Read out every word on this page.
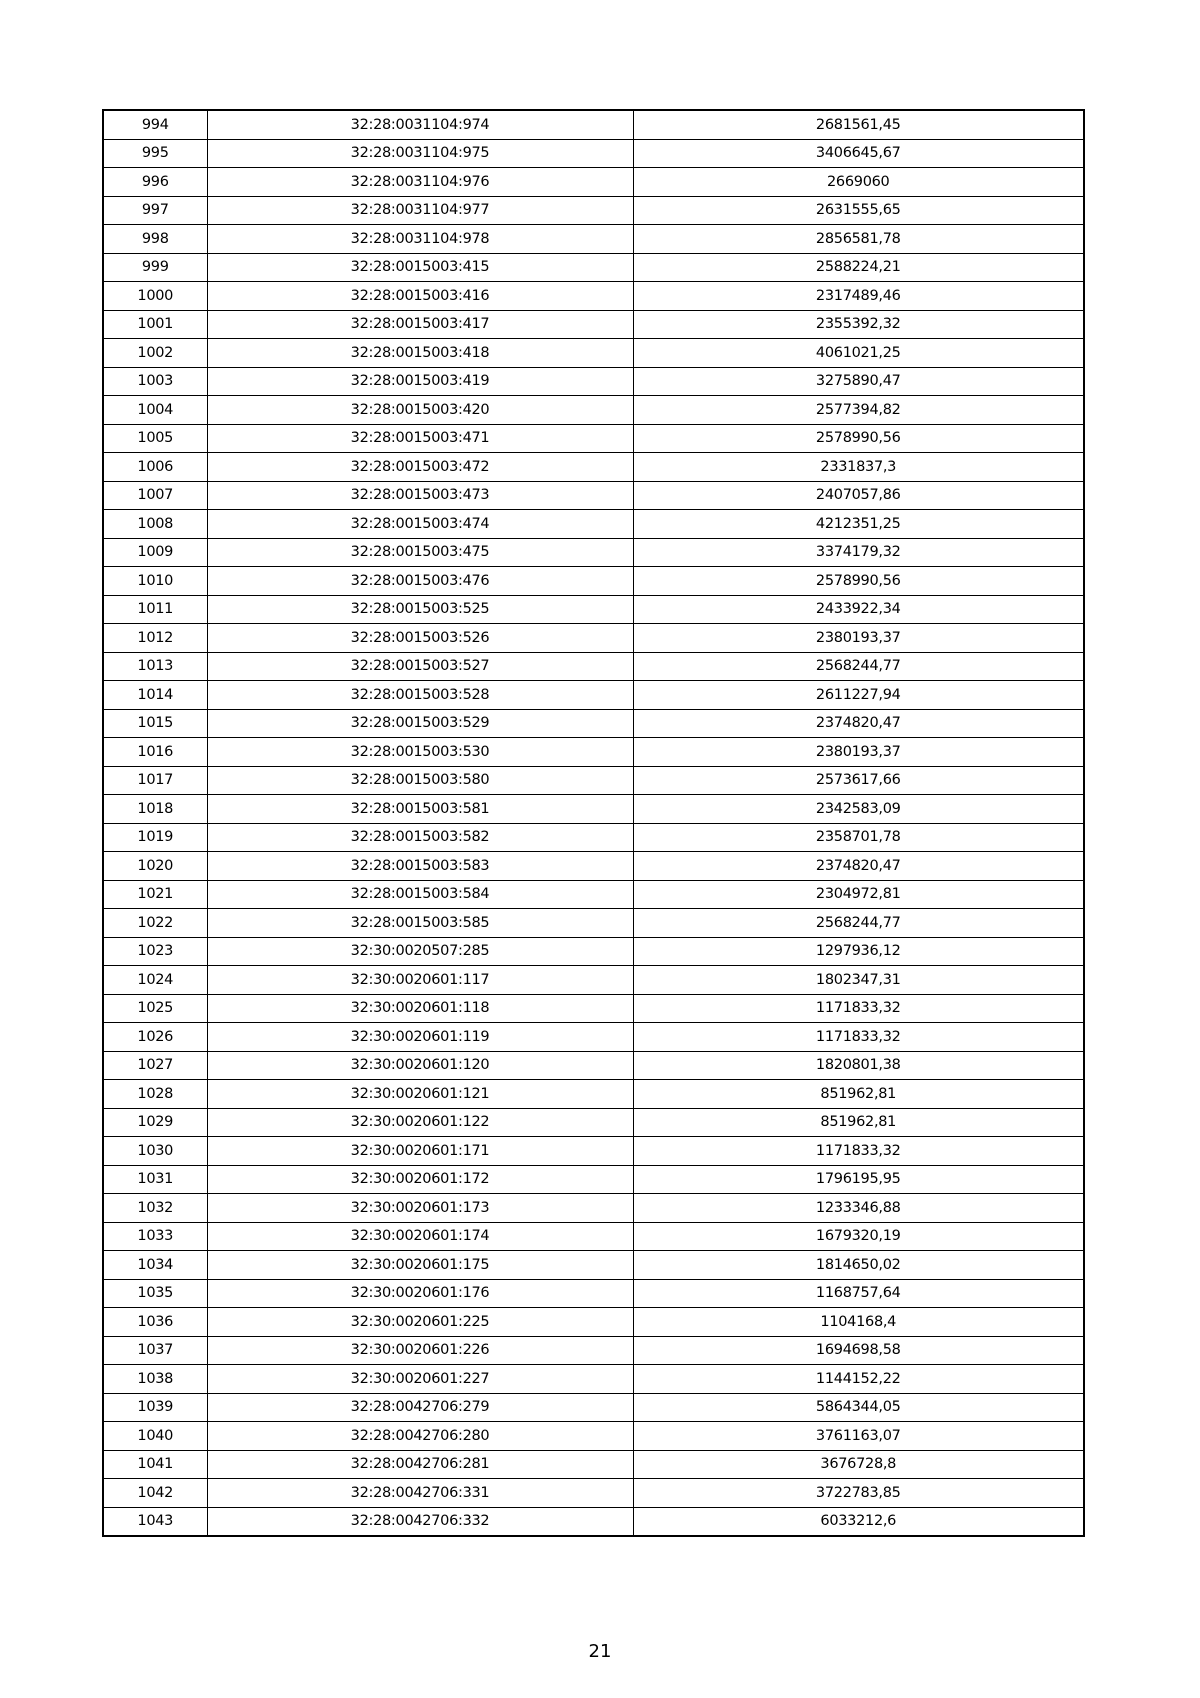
994	32:28:0031104:974	2681561,45
995	32:28:0031104:975	3406645,67
996	32:28:0031104:976	2669060
997	32:28:0031104:977	2631555,65
998	32:28:0031104:978	2856581,78
999	32:28:0015003:415	2588224,21
1000	32:28:0015003:416	2317489,46
1001	32:28:0015003:417	2355392,32
1002	32:28:0015003:418	4061021,25
1003	32:28:0015003:419	3275890,47
1004	32:28:0015003:420	2577394,82
1005	32:28:0015003:471	2578990,56
1006	32:28:0015003:472	2331837,3
1007	32:28:0015003:473	2407057,86
1008	32:28:0015003:474	4212351,25
1009	32:28:0015003:475	3374179,32
1010	32:28:0015003:476	2578990,56
1011	32:28:0015003:525	2433922,34
1012	32:28:0015003:526	2380193,37
1013	32:28:0015003:527	2568244,77
1014	32:28:0015003:528	2611227,94
1015	32:28:0015003:529	2374820,47
1016	32:28:0015003:530	2380193,37
1017	32:28:0015003:580	2573617,66
1018	32:28:0015003:581	2342583,09
1019	32:28:0015003:582	2358701,78
1020	32:28:0015003:583	2374820,47
1021	32:28:0015003:584	2304972,81
1022	32:28:0015003:585	2568244,77
1023	32:30:0020507:285	1297936,12
1024	32:30:0020601:117	1802347,31
1025	32:30:0020601:118	1171833,32
1026	32:30:0020601:119	1171833,32
1027	32:30:0020601:120	1820801,38
1028	32:30:0020601:121	851962,81
1029	32:30:0020601:122	851962,81
1030	32:30:0020601:171	1171833,32
1031	32:30:0020601:172	1796195,95
1032	32:30:0020601:173	1233346,88
1033	32:30:0020601:174	1679320,19
1034	32:30:0020601:175	1814650,02
1035	32:30:0020601:176	1168757,64
1036	32:30:0020601:225	1104168,4
1037	32:30:0020601:226	1694698,58
1038	32:30:0020601:227	1144152,22
1039	32:28:0042706:279	5864344,05
1040	32:28:0042706:280	3761163,07
1041	32:28:0042706:281	3676728,8
1042	32:28:0042706:331	3722783,85
1043	32:28:0042706:332	6033212,6
21
